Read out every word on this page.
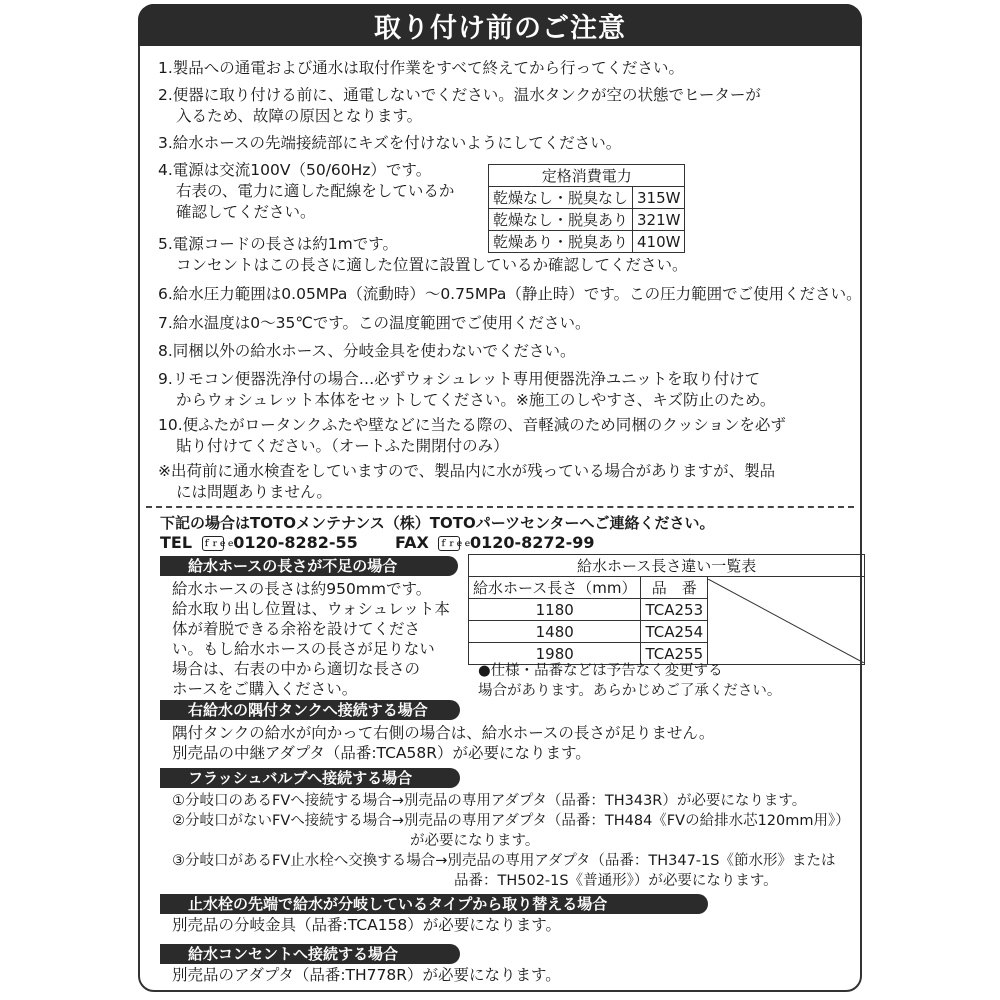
取り付け前のご注意
1.製品への通電および通水は取付作業をすべて終えてから行ってください。
2.便器に取り付ける前に、通電しないでください。温水タンクが空の状態でヒーターが
入るため、故障の原因となります。
3.給水ホースの先端接続部にキズを付けないようにしてください。
4.電源は交流100V（50/60Hz）です。
右表の、電力に適した配線をしているか
確認してください。
定格消費電力	
乾燥なし・脱臭なし	315W
乾燥なし・脱臭あり	321W
乾燥あり・脱臭あり	410W
5.電源コードの長さは約1mです。
コンセントはこの長さに適した位置に設置しているか確認してください。
6.給水圧力範囲は0.05MPa（流動時）～0.75MPa（静止時）です。この圧力範囲でご使用ください。
7.給水温度は0～35℃です。この温度範囲でご使用ください。
8.同梱以外の給水ホース、分岐金具を使わないでください。
9.リモコン便器洗浄付の場合…必ずウォシュレット専用便器洗浄ユニットを取り付けて
からウォシュレット本体をセットしてください。※施工のしやすさ、キズ防止のため。
10.便ふたがロータンクふたや壁などに当たる際の、音軽減のため同梱のクッションを必ず
貼り付けてください。（オートふた開閉付のみ）
※出荷前に通水検査をしていますので、製品内に水が残っている場合がありますが、製品
には問題ありません。
下記の場合はTOTOメンテナンス（株）TOTOパーツセンターへご連絡ください。
TEL ｆｒｅｅ 0120-8282-55 FAX ｆｒｅｅ 0120-8272-99
給水ホースの長さが不足の場合
給水ホースの長さは約950mmです。
給水取り出し位置は、ウォシュレット本
体が着脱できる余裕を設けてくださ
い。もし給水ホースの長さが足りない
場合は、右表の中から適切な長さの
ホースをご購入ください。
給水ホース長さ違い一覧表		
給水ホース長さ（mm）	品　番	

1180	TCA253	
1480	TCA254	
1980	TCA255	
●仕様・品番などは予告なく変更する
場合があります。あらかじめご了承ください。
右給水の隅付タンクへ接続する場合
隅付タンクの給水が向かって右側の場合は、給水ホースの長さが足りません。
別売品の中継アダプタ（品番:TCA58R）が必要になります。
フラッシュバルブへ接続する場合
①分岐口のあるFVへ接続する場合→別売品の専用アダプタ（品番：TH343R）が必要になります。
②分岐口がないFVへ接続する場合→別売品の専用アダプタ（品番：TH484《FVの給排水芯120mm用》）
が必要になります。
③分岐口があるFV止水栓へ交換する場合→別売品の専用アダプタ（品番：TH347-1S《節水形》または
品番：TH502-1S《普通形》）が必要になります。
止水栓の先端で給水が分岐しているタイプから取り替える場合
別売品の分岐金具（品番:TCA158）が必要になります。
給水コンセントへ接続する場合
別売品のアダプタ（品番:TH778R）が必要になります。
